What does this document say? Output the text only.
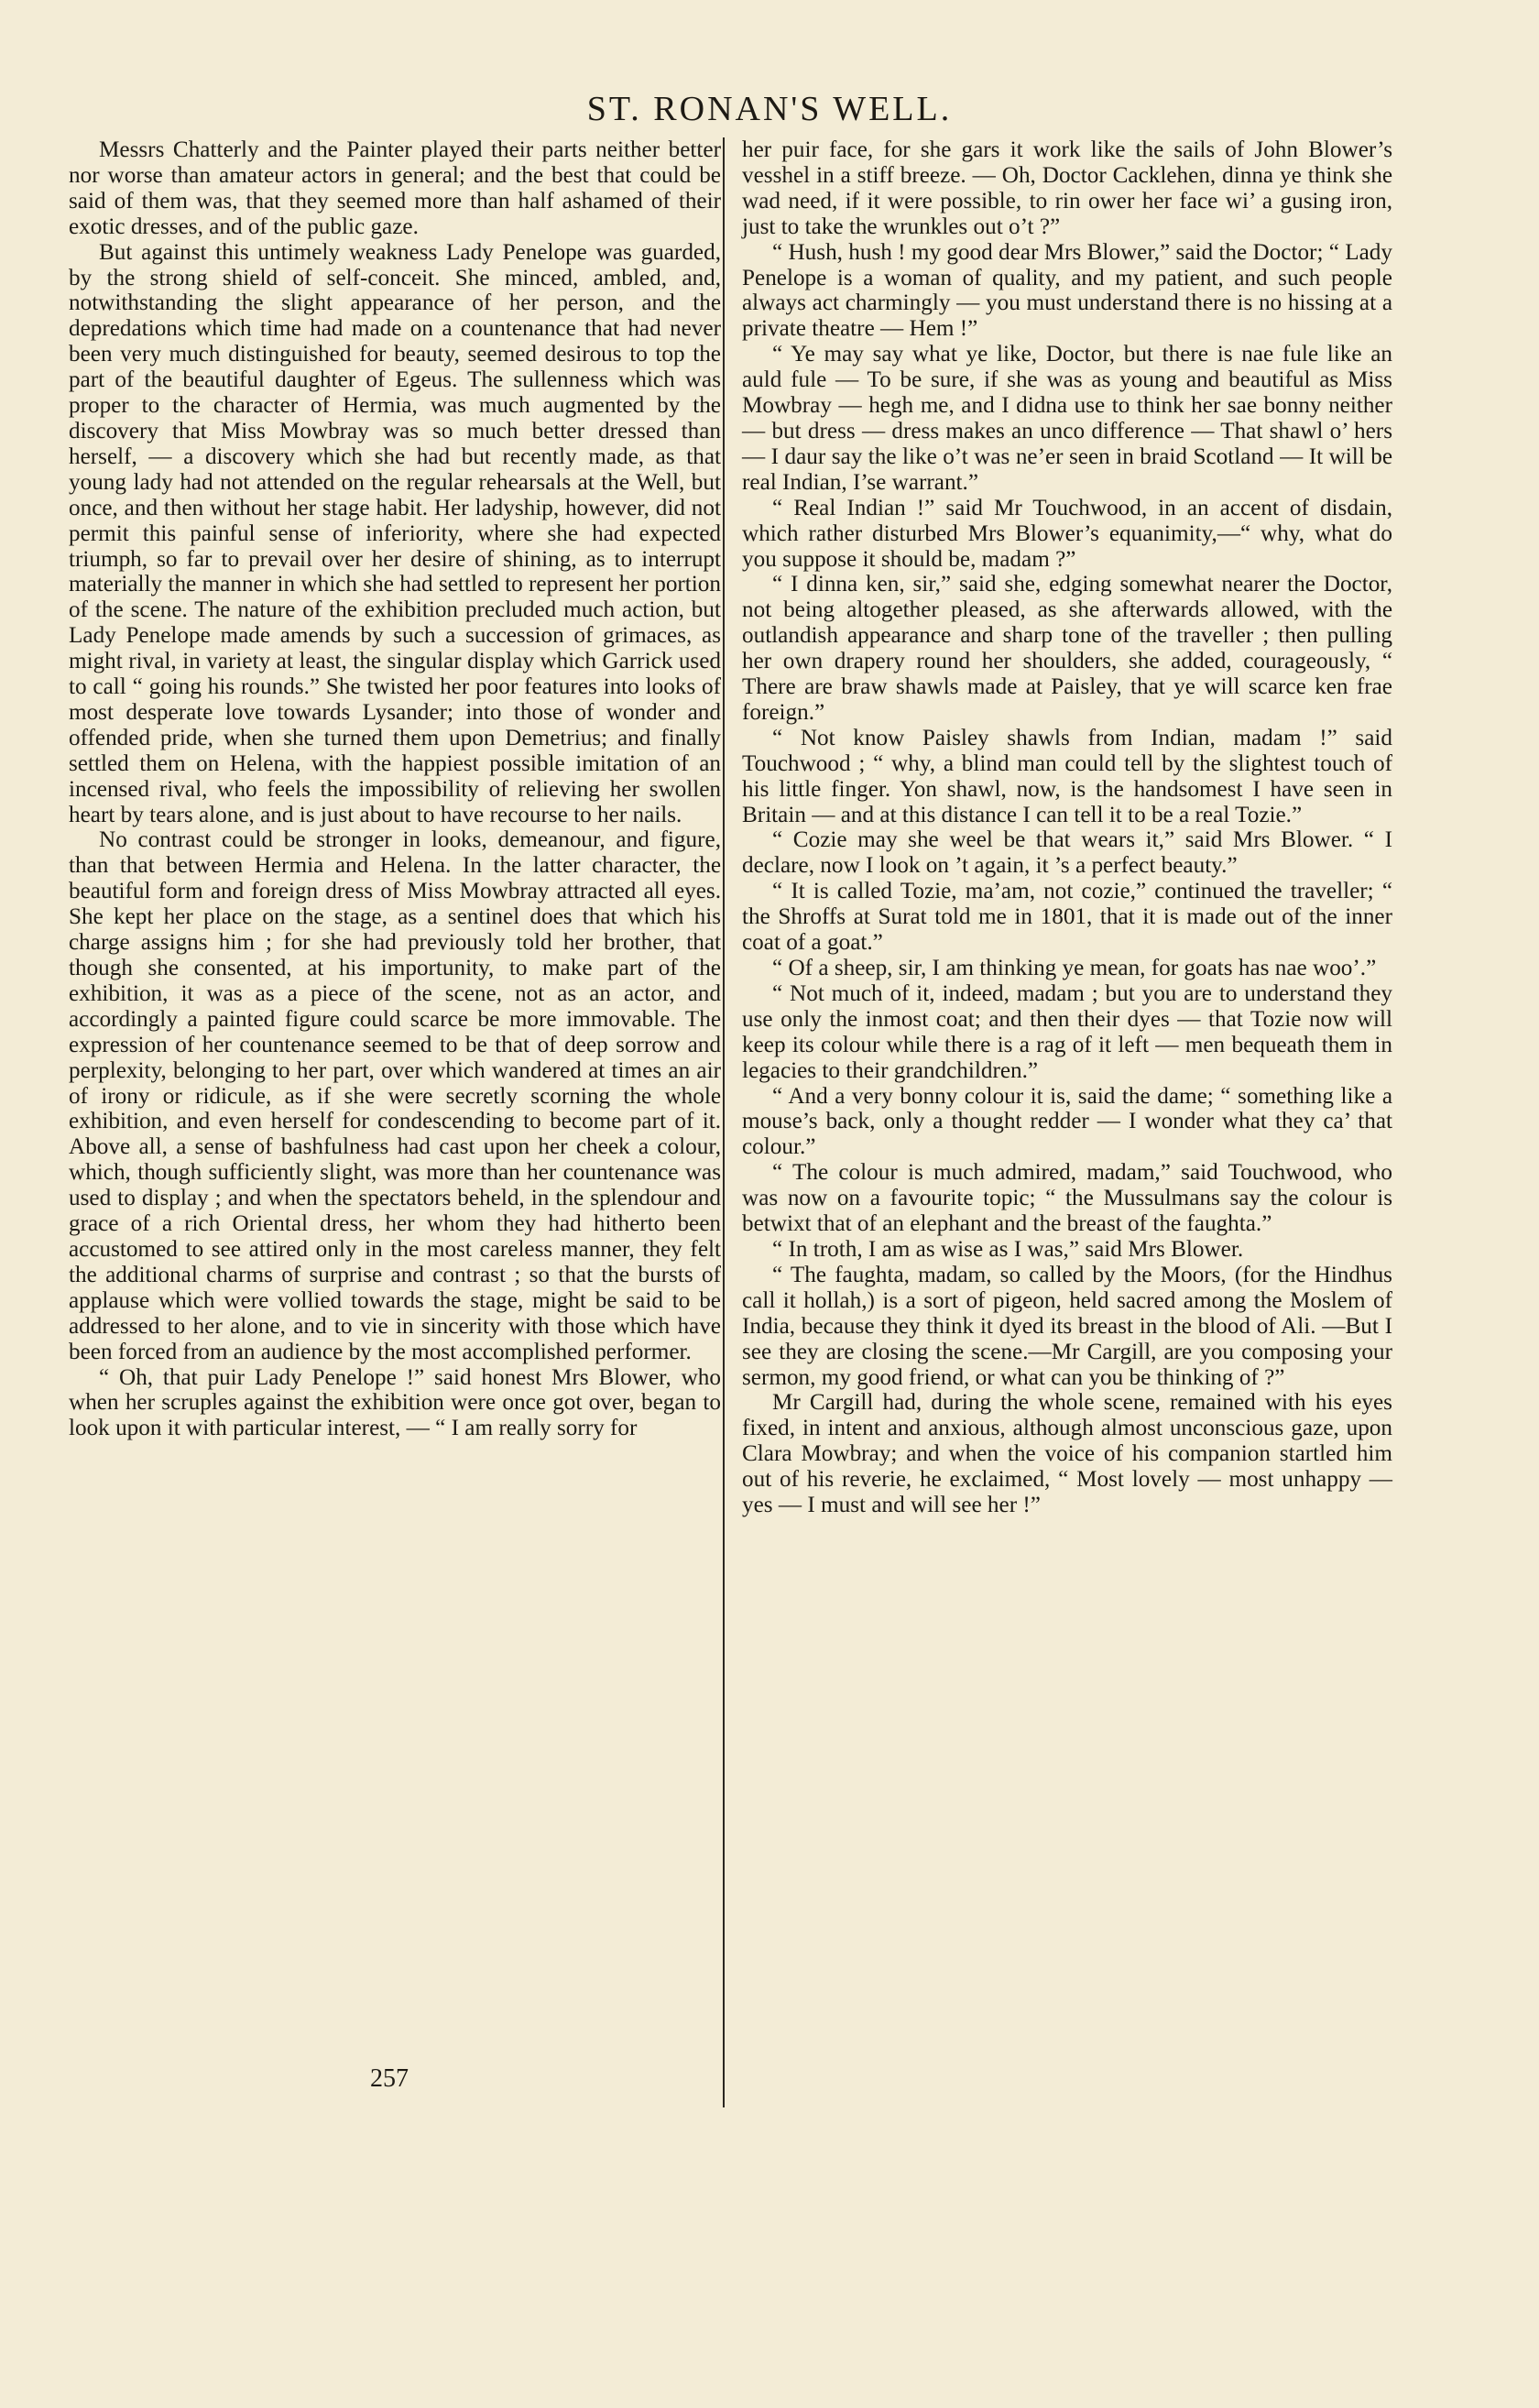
ST. RONAN'S WELL.

Messrs Chatterly and the Painter played their parts neither better nor worse than amateur actors in general; and the best that could be said of them was, that they seemed more than half ashamed of their exotic dresses, and of the public gaze.

But against this untimely weakness Lady Penelope was guarded, by the strong shield of self-conceit. She minced, ambled, and, notwithstanding the slight appearance of her person, and the depredations which time had made on a countenance that had never been very much distinguished for beauty, seemed desirous to top the part of the beautiful daughter of Egeus. The sullenness which was proper to the character of Hermia, was much augmented by the discovery that Miss Mowbray was so much better dressed than herself, — a discovery which she had but recently made, as that young lady had not attended on the regular rehearsals at the Well, but once, and then without her stage habit. Her ladyship, however, did not permit this painful sense of inferiority, where she had expected triumph, so far to prevail over her desire of shining, as to interrupt materially the manner in which she had settled to represent her portion of the scene. The nature of the exhibition precluded much action, but Lady Penelope made amends by such a succession of grimaces, as might rival, in variety at least, the singular display which Garrick used to call “ going his rounds.” She twisted her poor features into looks of most desperate love towards Lysander; into those of wonder and offended pride, when she turned them upon Demetrius; and finally settled them on Helena, with the happiest possible imitation of an incensed rival, who feels the impossibility of relieving her swollen heart by tears alone, and is just about to have recourse to her nails.

No contrast could be stronger in looks, demeanour, and figure, than that between Hermia and Helena. In the latter character, the beautiful form and foreign dress of Miss Mowbray attracted all eyes. She kept her place on the stage, as a sentinel does that which his charge assigns him ; for she had previously told her brother, that though she consented, at his importunity, to make part of the exhibition, it was as a piece of the scene, not as an actor, and accordingly a painted figure could scarce be more immovable. The expression of her countenance seemed to be that of deep sorrow and perplexity, belonging to her part, over which wandered at times an air of irony or ridicule, as if she were secretly scorning the whole exhibition, and even herself for condescending to become part of it. Above all, a sense of bashfulness had cast upon her cheek a colour, which, though sufficiently slight, was more than her countenance was used to display ; and when the spectators beheld, in the splendour and grace of a rich Oriental dress, her whom they had hitherto been accustomed to see attired only in the most careless manner, they felt the additional charms of surprise and contrast ; so that the bursts of applause which were vollied towards the stage, might be said to be addressed to her alone, and to vie in sincerity with those which have been forced from an audience by the most accomplished performer.

“ Oh, that puir Lady Penelope !” said honest Mrs Blower, who when her scruples against the exhibition were once got over, began to look upon it with particular interest, — “ I am really sorry for

her puir face, for she gars it work like the sails of John Blower’s vesshel in a stiff breeze. — Oh, Doctor Cacklehen, dinna ye think she wad need, if it were possible, to rin ower her face wi’ a gusing iron, just to take the wrunkles out o’t ?”

“ Hush, hush ! my good dear Mrs Blower,” said the Doctor; “ Lady Penelope is a woman of quality, and my patient, and such people always act charmingly — you must understand there is no hissing at a private theatre — Hem !”

“ Ye may say what ye like, Doctor, but there is nae fule like an auld fule — To be sure, if she was as young and beautiful as Miss Mowbray — hegh me, and I didna use to think her sae bonny neither — but dress — dress makes an unco difference — That shawl o’ hers — I daur say the like o’t was ne’er seen in braid Scotland — It will be real Indian, I’se warrant.”

“ Real Indian !” said Mr Touchwood, in an accent of disdain, which rather disturbed Mrs Blower’s equanimity,—“ why, what do you suppose it should be, madam ?”

“ I dinna ken, sir,” said she, edging somewhat nearer the Doctor, not being altogether pleased, as she afterwards allowed, with the outlandish appearance and sharp tone of the traveller ; then pulling her own drapery round her shoulders, she added, courageously, “ There are braw shawls made at Paisley, that ye will scarce ken frae foreign.”

“ Not know Paisley shawls from Indian, madam !” said Touchwood ; “ why, a blind man could tell by the slightest touch of his little finger. Yon shawl, now, is the handsomest I have seen in Britain — and at this distance I can tell it to be a real Tozie.”

“ Cozie may she weel be that wears it,” said Mrs Blower. “ I declare, now I look on ’t again, it ’s a perfect beauty.”

“ It is called Tozie, ma’am, not cozie,” continued the traveller; “ the Shroffs at Surat told me in 1801, that it is made out of the inner coat of a goat.”

“ Of a sheep, sir, I am thinking ye mean, for goats has nae woo’.”

“ Not much of it, indeed, madam ; but you are to understand they use only the inmost coat; and then their dyes — that Tozie now will keep its colour while there is a rag of it left — men bequeath them in legacies to their grandchildren.”

“ And a very bonny colour it is, said the dame; “ something like a mouse’s back, only a thought redder — I wonder what they ca’ that colour.”

“ The colour is much admired, madam,” said Touchwood, who was now on a favourite topic; “ the Mussulmans say the colour is betwixt that of an elephant and the breast of the faughta.”

“ In troth, I am as wise as I was,” said Mrs Blower.

“ The faughta, madam, so called by the Moors, (for the Hindhus call it hollah,) is a sort of pigeon, held sacred among the Moslem of India, because they think it dyed its breast in the blood of Ali. —But I see they are closing the scene.—Mr Cargill, are you composing your sermon, my good friend, or what can you be thinking of ?”

Mr Cargill had, during the whole scene, remained with his eyes fixed, in intent and anxious, although almost unconscious gaze, upon Clara Mowbray; and when the voice of his companion startled him out of his reverie, he exclaimed, “ Most lovely — most unhappy — yes — I must and will see her !”

257
